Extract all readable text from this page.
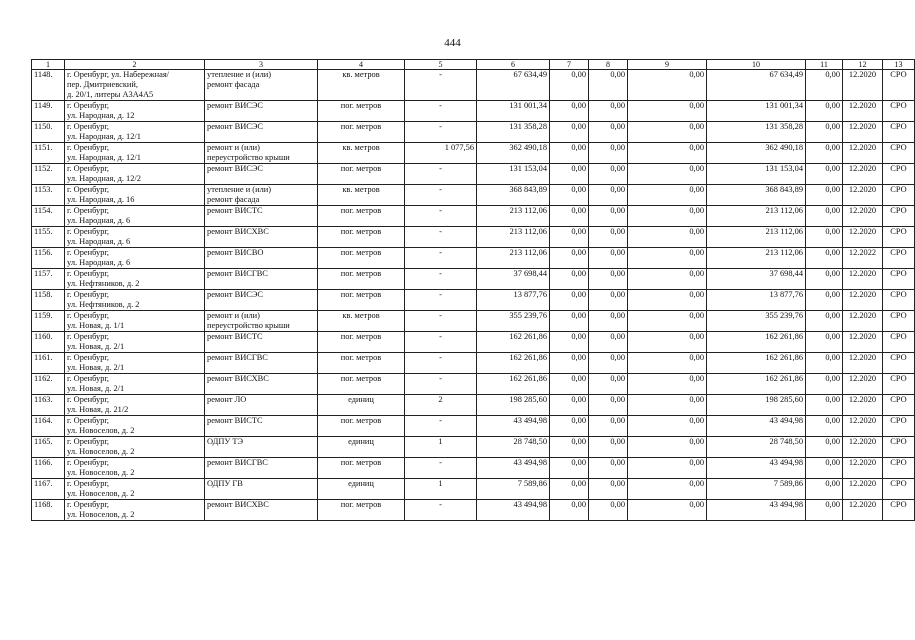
444
1	2	3	4	5	6	7	8	9	10	11	12	13
1148.	г. Оренбург, ул. Набережная/
пер. Дмитриевский,
д. 20/1, литеры А3А4А5	утепление и (или)
ремонт фасада	кв. метров	-	67 634,49	0,00	0,00	0,00	67 634,49	0,00	12.2020	СРО
1149.	г. Оренбург,
ул. Народная, д. 12	ремонт ВИСЭС	пог. метров	-	131 001,34	0,00	0,00	0,00	131 001,34	0,00	12.2020	СРО
1150.	г. Оренбург,
ул. Народная, д. 12/1	ремонт ВИСЭС	пог. метров	-	131 358,28	0,00	0,00	0,00	131 358,28	0,00	12.2020	СРО
1151.	г. Оренбург,
ул. Народная, д. 12/1	ремонт и (или)
переустройство крыши	кв. метров	1 077,56	362 490,18	0,00	0,00	0,00	362 490,18	0,00	12.2020	СРО
1152.	г. Оренбург,
ул. Народная, д. 12/2	ремонт ВИСЭС	пог. метров	-	131 153,04	0,00	0,00	0,00	131 153,04	0,00	12.2020	СРО
1153.	г. Оренбург,
ул. Народная, д. 16	утепление и (или)
ремонт фасада	кв. метров	-	368 843,89	0,00	0,00	0,00	368 843,89	0,00	12.2020	СРО
1154.	г. Оренбург,
ул. Народная, д. 6	ремонт ВИСТС	пог. метров	-	213 112,06	0,00	0,00	0,00	213 112,06	0,00	12.2020	СРО
1155.	г. Оренбург,
ул. Народная, д. 6	ремонт ВИСХВС	пог. метров	-	213 112,06	0,00	0,00	0,00	213 112,06	0,00	12.2020	СРО
1156.	г. Оренбург,
ул. Народная, д. 6	ремонт ВИСВО	пог. метров	-	213 112,06	0,00	0,00	0,00	213 112,06	0,00	12.2022	СРО
1157.	г. Оренбург,
ул. Нефтяников, д. 2	ремонт ВИСГВС	пог. метров	-	37 698,44	0,00	0,00	0,00	37 698,44	0,00	12.2020	СРО
1158.	г. Оренбург,
ул. Нефтяников, д. 2	ремонт ВИСЭС	пог. метров	-	13 877,76	0,00	0,00	0,00	13 877,76	0,00	12.2020	СРО
1159.	г. Оренбург,
ул. Новая, д. 1/1	ремонт и (или)
переустройство крыши	кв. метров	-	355 239,76	0,00	0,00	0,00	355 239,76	0,00	12.2020	СРО
1160.	г. Оренбург,
ул. Новая, д. 2/1	ремонт ВИСТС	пог. метров	-	162 261,86	0,00	0,00	0,00	162 261,86	0,00	12.2020	СРО
1161.	г. Оренбург,
ул. Новая, д. 2/1	ремонт ВИСГВС	пог. метров	-	162 261,86	0,00	0,00	0,00	162 261,86	0,00	12.2020	СРО
1162.	г. Оренбург,
ул. Новая, д. 2/1	ремонт ВИСХВС	пог. метров	-	162 261,86	0,00	0,00	0,00	162 261,86	0,00	12.2020	СРО
1163.	г. Оренбург,
ул. Новая, д. 21/2	ремонт ЛО	единиц	2	198 285,60	0,00	0,00	0,00	198 285,60	0,00	12.2020	СРО
1164.	г. Оренбург,
ул. Новоселов, д. 2	ремонт ВИСТС	пог. метров	-	43 494,98	0,00	0,00	0,00	43 494,98	0,00	12.2020	СРО
1165.	г. Оренбург,
ул. Новоселов, д. 2	ОДПУ ТЭ	единиц	1	28 748,50	0,00	0,00	0,00	28 748,50	0,00	12.2020	СРО
1166.	г. Оренбург,
ул. Новоселов, д. 2	ремонт ВИСГВС	пог. метров	-	43 494,98	0,00	0,00	0,00	43 494,98	0,00	12.2020	СРО
1167.	г. Оренбург,
ул. Новоселов, д. 2	ОДПУ ГВ	единиц	1	7 589,86	0,00	0,00	0,00	7 589,86	0,00	12.2020	СРО
1168.	г. Оренбург,
ул. Новоселов, д. 2	ремонт ВИСХВС	пог. метров	-	43 494,98	0,00	0,00	0,00	43 494,98	0,00	12.2020	СРО
